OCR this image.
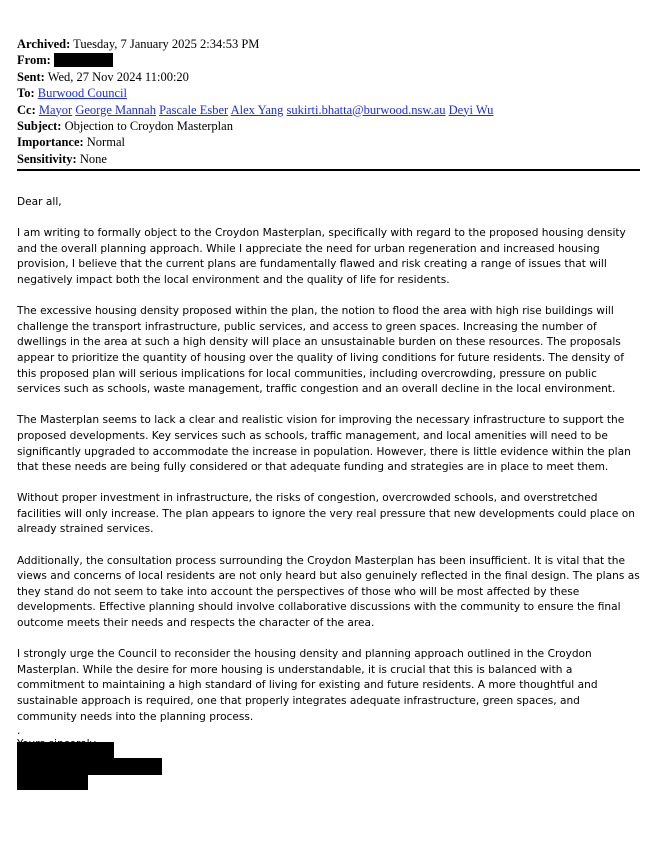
Archived: Tuesday, 7 January 2025 2:34:53 PM
From:
Sent: Wed, 27 Nov 2024 11:00:20
To: Burwood Council
Cc: Mayor George Mannah Pascale Esber Alex Yang sukirti.bhatta@burwood.nsw.au Deyi Wu
Subject: Objection to Croydon Masterplan
Importance: Normal
Sensitivity: None

Dear all,

I am writing to formally object to the Croydon Masterplan, specifically with regard to the proposed housing density and the overall planning approach. While I appreciate the need for urban regeneration and increased housing provision, I believe that the current plans are fundamentally flawed and risk creating a range of issues that will negatively impact both the local environment and the quality of life for residents.

The excessive housing density proposed within the plan, the notion to flood the area with high rise buildings will challenge the transport infrastructure, public services, and access to green spaces. Increasing the number of dwellings in the area at such a high density will place an unsustainable burden on these resources. The proposals appear to prioritize the quantity of housing over the quality of living conditions for future residents. The density of this proposed plan will serious implications for local communities, including overcrowding, pressure on public services such as schools, waste management, traffic congestion and an overall decline in the local environment.

The Masterplan seems to lack a clear and realistic vision for improving the necessary infrastructure to support the proposed developments. Key services such as schools, traffic management, and local amenities will need to be significantly upgraded to accommodate the increase in population. However, there is little evidence within the plan that these needs are being fully considered or that adequate funding and strategies are in place to meet them.

Without proper investment in infrastructure, the risks of congestion, overcrowded schools, and overstretched facilities will only increase. The plan appears to ignore the very real pressure that new developments could place on already strained services.

Additionally, the consultation process surrounding the Croydon Masterplan has been insufficient. It is vital that the views and concerns of local residents are not only heard but also genuinely reflected in the final design. The plans as they stand do not seem to take into account the perspectives of those who will be most affected by these developments. Effective planning should involve collaborative discussions with the community to ensure the final outcome meets their needs and respects the character of the area.

I strongly urge the Council to reconsider the housing density and planning approach outlined in the Croydon Masterplan. While the desire for more housing is understandable, it is crucial that this is balanced with a commitment to maintaining a high standard of living for existing and future residents. A more thoughtful and sustainable approach is required, one that properly integrates adequate infrastructure, green spaces, and community needs into the planning process.

.
